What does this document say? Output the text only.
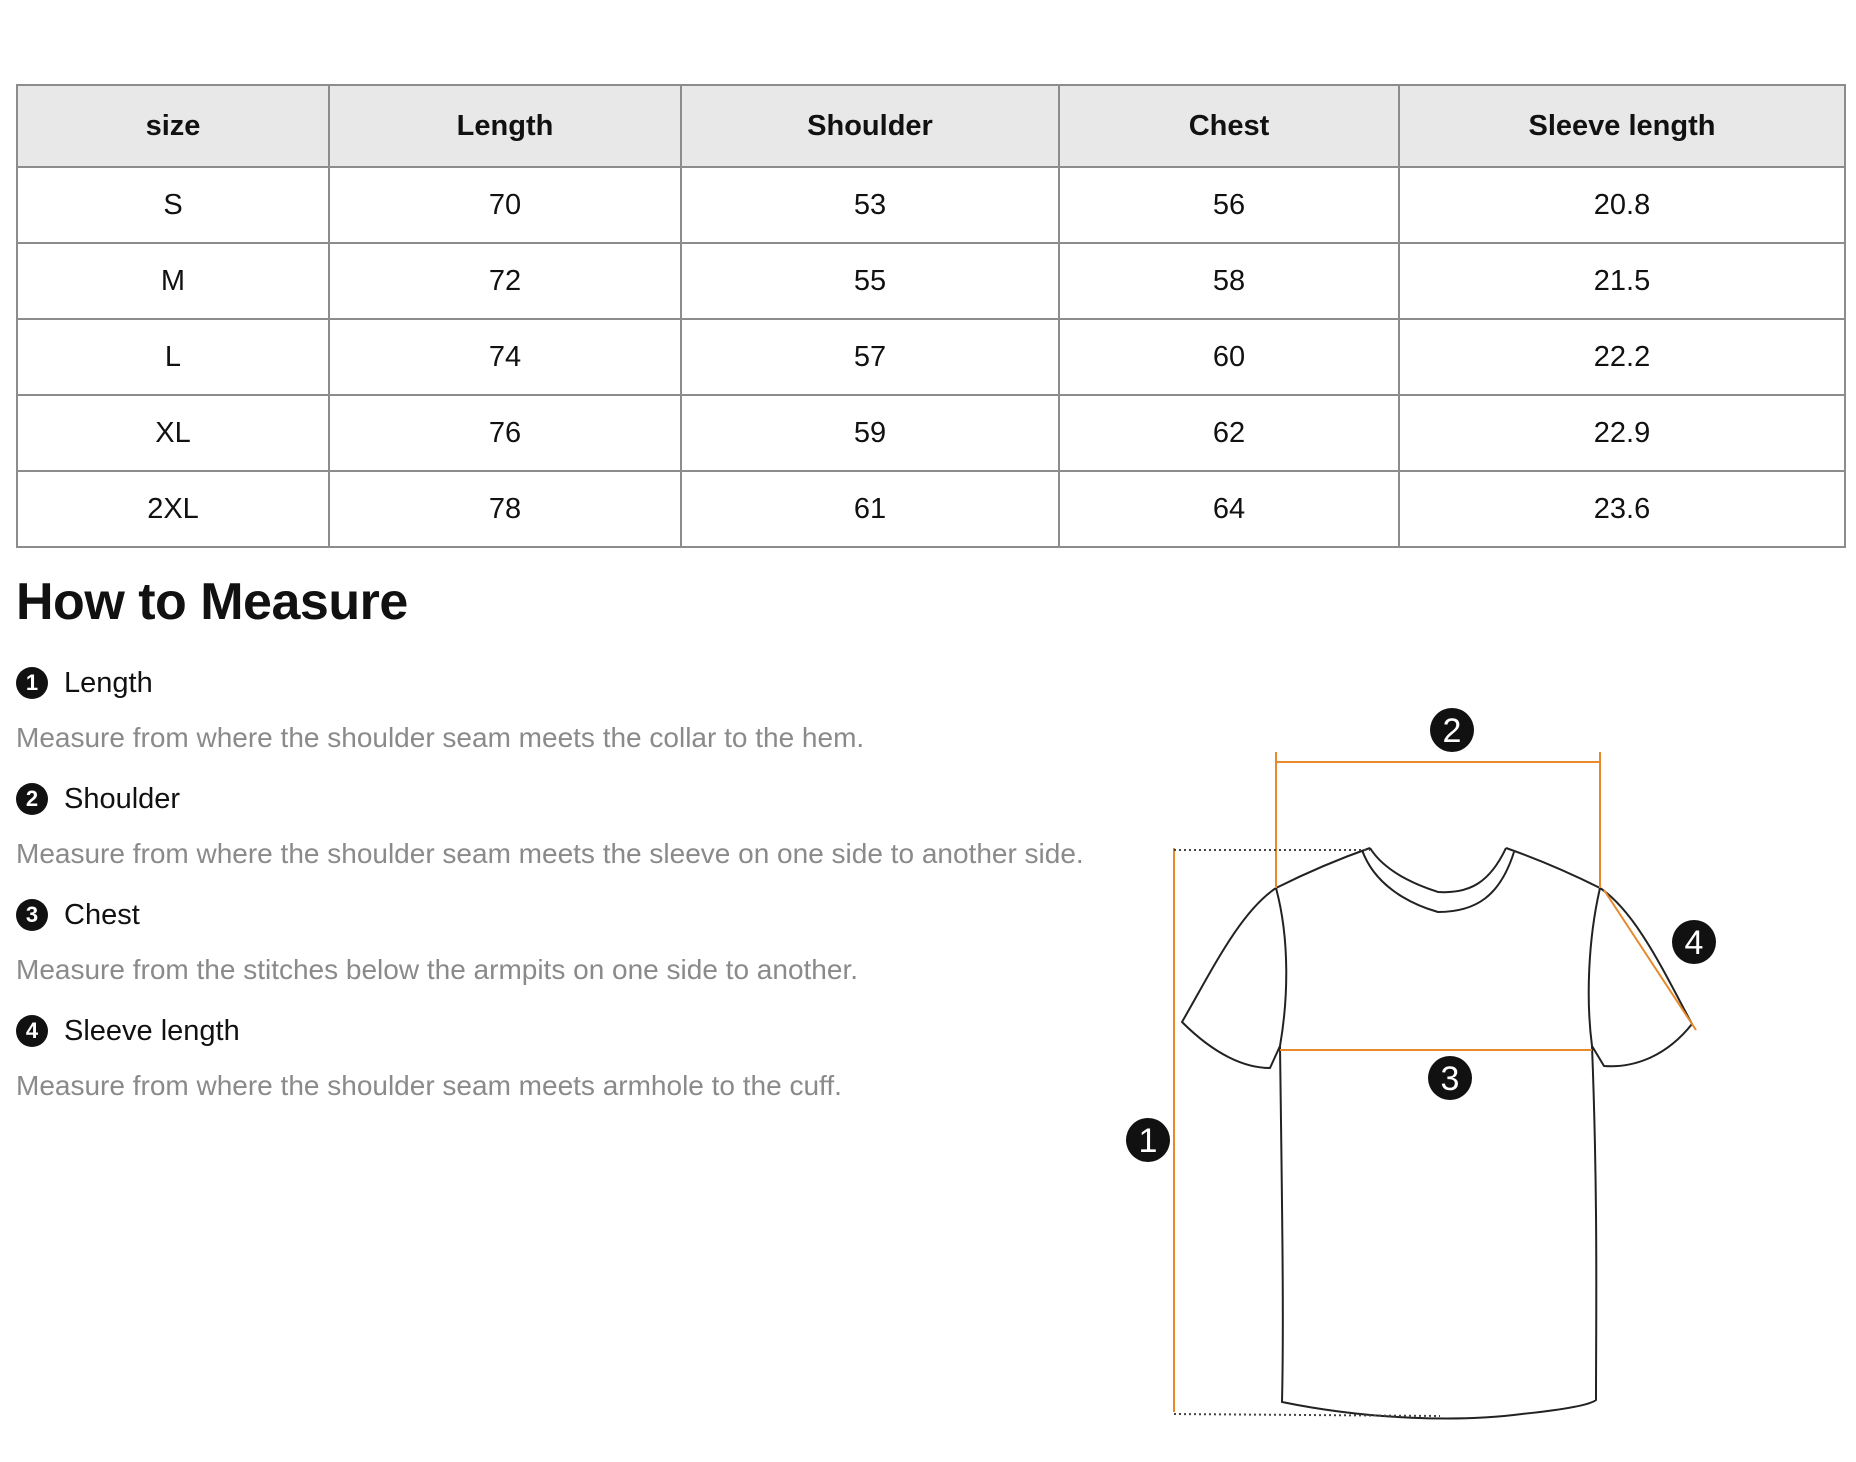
size	Length	Shoulder	Chest	Sleeve length
S	70	53	56	20.8
M	72	55	58	21.5
L	74	57	60	22.2
XL	76	59	62	22.9
2XL	78	61	64	23.6
How to Measure
1 Length
Measure from where the shoulder seam meets the collar to the hem.
2 Shoulder
Measure from where the shoulder seam meets the sleeve on one side to another side.
3 Chest
Measure from the stitches below the armpits on one side to another.
4 Sleeve length
Measure from where the shoulder seam meets armhole to the cuff.
1
2
3
4
